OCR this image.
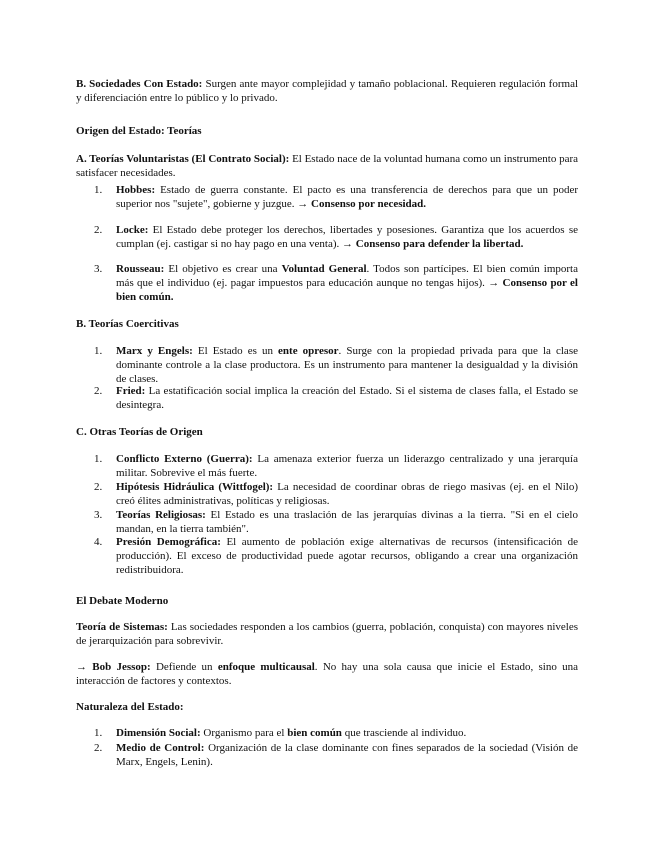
B. Sociedades Con Estado: Surgen ante mayor complejidad y tamaño poblacional. Requieren regulación formal y diferenciación entre lo público y lo privado.
Origen del Estado: Teorías
A. Teorías Voluntaristas (El Contrato Social): El Estado nace de la voluntad humana como un instrumento para satisfacer necesidades.
1.	Hobbes: Estado de guerra constante. El pacto es una transferencia de derechos para que un poder superior nos "sujete", gobierne y juzgue. → Consenso por necesidad.
2.	Locke: El Estado debe proteger los derechos, libertades y posesiones. Garantiza que los acuerdos se cumplan (ej. castigar si no hay pago en una venta). → Consenso para defender la libertad.
3.	Rousseau: El objetivo es crear una Voluntad General. Todos son partícipes. El bien común importa más que el individuo (ej. pagar impuestos para educación aunque no tengas hijos). → Consenso por el bien común.
B. Teorías Coercitivas
1.	Marx y Engels: El Estado es un ente opresor. Surge con la propiedad privada para que la clase dominante controle a la clase productora. Es un instrumento para mantener la desigualdad y la división de clases.
2.	Fried: La estatificación social implica la creación del Estado. Si el sistema de clases falla, el Estado se desintegra.
C. Otras Teorías de Origen
1.	Conflicto Externo (Guerra): La amenaza exterior fuerza un liderazgo centralizado y una jerarquía militar. Sobrevive el más fuerte.
2.	Hipótesis Hidráulica (Wittfogel): La necesidad de coordinar obras de riego masivas (ej. en el Nilo) creó élites administrativas, políticas y religiosas.
3.	Teorías Religiosas: El Estado es una traslación de las jerarquías divinas a la tierra. "Si en el cielo mandan, en la tierra también".
4.	Presión Demográfica: El aumento de población exige alternativas de recursos (intensificación de producción). El exceso de productividad puede agotar recursos, obligando a crear una organización redistribuidora.
El Debate Moderno
Teoría de Sistemas: Las sociedades responden a los cambios (guerra, población, conquista) con mayores niveles de jerarquización para sobrevivir.
→ Bob Jessop: Defiende un enfoque multicausal. No hay una sola causa que inicie el Estado, sino una interacción de factores y contextos.
Naturaleza del Estado:
1.	Dimensión Social: Organismo para el bien común que trasciende al individuo.
2.	Medio de Control: Organización de la clase dominante con fines separados de la sociedad (Visión de Marx, Engels, Lenin).
